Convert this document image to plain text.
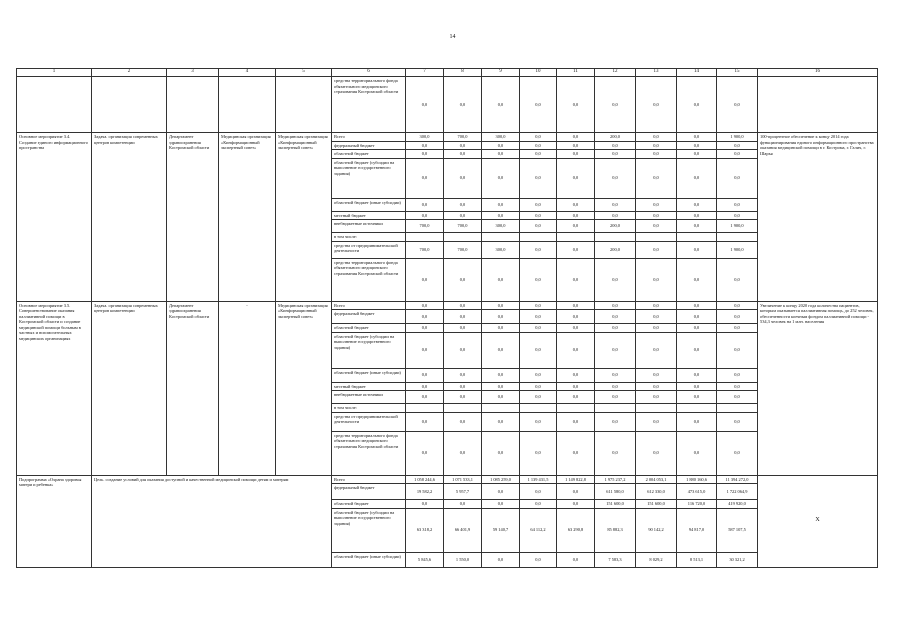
14
1	2	3	4	5	6	7	8	9	10	11	12	13	14	15	16
					средства территориального фонда обязательного медицинского страхования Костромской области	0,0	0,0	0,0	0,0	0,0	0,0	0,0	0,0	0,0	
Основное мероприятие 3.4. Создание единого информационного пространства	Задача. организация современных центров компетенции	Департамент здравоохранения Костромской области	Медицинская организация «Кинформационный экспертный совет»	Медицинская организация «Кинформационный экспертный совет»	Всего	300,0	700,0	300,0	0,0	0,0	200,0	0,0	0,0	1 900,0	100-процентное обеспечение к концу 2014 года функционирования единого информационного пространства оказания медицинской помощи в г. Кострома, г. Галич, г. Шарья
					федеральный бюджет	0,0	0,0	0,0	0,0	0,0	0,0	0,0	0,0	0,0	
					областной бюджет	0,0	0,0	0,0	0,0	0,0	0,0	0,0	0,0	0,0	
					областной бюджет (субсидии на выполнение государственного задания)	0,0	0,0	0,0	0,0	0,0	0,0	0,0	0,0	0,0	
					областной бюджет (иные субсидии)	0,0	0,0	0,0	0,0	0,0	0,0	0,0	0,0	0,0	
					местный бюджет	0,0	0,0	0,0	0,0	0,0	0,0	0,0	0,0	0,0	
					внебюджетные источники	700,0	700,0	300,0	0,0	0,0	200,0	0,0	0,0	1 900,0	
					в том числе:										
					средства от предпринимательской деятельности	700,0	700,0	300,0	0,0	0,0	200,0	0,0	0,0	1 900,0	
					средства территориального фонда обязательного медицинского страхования Костромской области	0,0	0,0	0,0	0,0	0,0	0,0	0,0	0,0	0,0	
Основное мероприятие 3.5. Совершенствование оказания паллиативной помощи в Костромской области и создание медицинской помощи больным в частных и вспомогательных медицинских организациях	Задача. организация современных центров компетенции	Департамент здравоохранения Костромской области	-	Медицинская организация «Кинформационный экспертный совет»	Всего	0,0	0,0	0,0	0,0	0,0	0,0	0,0	0,0	0,0	Увеличение к концу 2020 года количества пациентов, которым оказывается паллиативная помощь, до 252 человек, обеспеченности коечным фондом паллиативной помощи - 534,3 человек на 1 млн. населения
					федеральный бюджет	0,0	0,0	0,0	0,0	0,0	0,0	0,0	0,0	0,0	
					областной бюджет	0,0	0,0	0,0	0,0	0,0	0,0	0,0	0,0	0,0	
					областной бюджет (субсидии на выполнение государственного задания)	0,0	0,0	0,0	0,0	0,0	0,0	0,0	0,0	0,0	
					областной бюджет (иные субсидии)	0,0	0,0	0,0	0,0	0,0	0,0	0,0	0,0	0,0	
					местный бюджет	0,0	0,0	0,0	0,0	0,0	0,0	0,0	0,0	0,0	
					внебюджетные источники	0,0	0,0	0,0	0,0	0,0	0,0	0,0	0,0	0,0	
					в том числе:										
					средства от предпринимательской деятельности	0,0	0,0	0,0	0,0	0,0	0,0	0,0	0,0	0,0	
					средства территориального фонда обязательного медицинского страхования Костромской области	0,0	0,0	0,0	0,0	0,0	0,0	0,0	0,0	0,0	
Подпрограмма «Охрана здоровья матери и ребенка»	Цель. создание условий для оказания доступной и качественной медицинской помощи детям и матерям				Всего	1 058 244,6	1 071 533,1	1 085 259,0	1 139 431,5	1 149 822,8	1 975 237,2	2 004 053,1	1 880 160,6	11 394 272,0	X
					федеральный бюджет	19 582,2	5 957,7	0,0	0,0	0,0	611 580,0	612 330,0	473 615,0	1 722 064,9	
					областной бюджет	0,0	0,0	0,0	0,0	0,0	151 600,0	151 600,0	116 720,0	419 920,0	
					областной бюджет (субсидии на выполнение государственного задания)	63 318,2	66 401,9	59 140,7	64 112,2	63 290,8	85 882,3	90 142,2	94 817,0	587 107,5	
					областной бюджет (иные субсидии)	5 845,6	1 550,0	0,0	0,0	0,0	7 583,3	8 029,2	8 513,1	30 321,2	
